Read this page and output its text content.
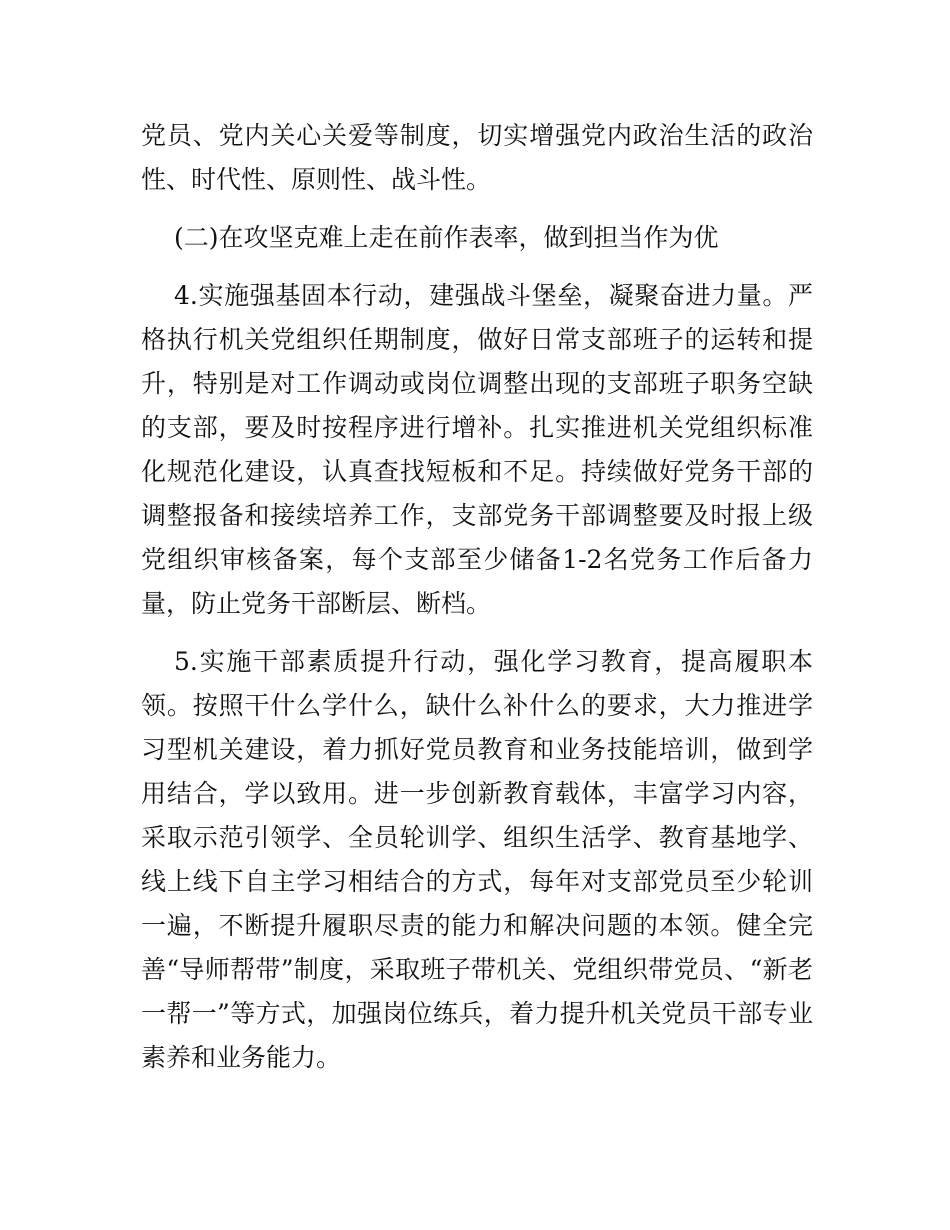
党员、党内关心关爱等制度，切实增强党内政治生活的政治性、时代性、原则性、战斗性。

(二)在攻坚克难上走在前作表率，做到担当作为优

4.实施强基固本行动，建强战斗堡垒，凝聚奋进力量。严格执行机关党组织任期制度，做好日常支部班子的运转和提升，特别是对工作调动或岗位调整出现的支部班子职务空缺的支部，要及时按程序进行增补。扎实推进机关党组织标准化规范化建设，认真查找短板和不足。持续做好党务干部的调整报备和接续培养工作，支部党务干部调整要及时报上级党组织审核备案，每个支部至少储备1-2名党务工作后备力量，防止党务干部断层、断档。

5.实施干部素质提升行动，强化学习教育，提高履职本领。按照干什么学什么，缺什么补什么的要求，大力推进学习型机关建设，着力抓好党员教育和业务技能培训，做到学用结合，学以致用。进一步创新教育载体，丰富学习内容，采取示范引领学、全员轮训学、组织生活学、教育基地学、线上线下自主学习相结合的方式，每年对支部党员至少轮训一遍，不断提升履职尽责的能力和解决问题的本领。健全完善“导师帮带”制度，采取班子带机关、党组织带党员、“新老一帮一”等方式，加强岗位练兵，着力提升机关党员干部专业素养和业务能力。
